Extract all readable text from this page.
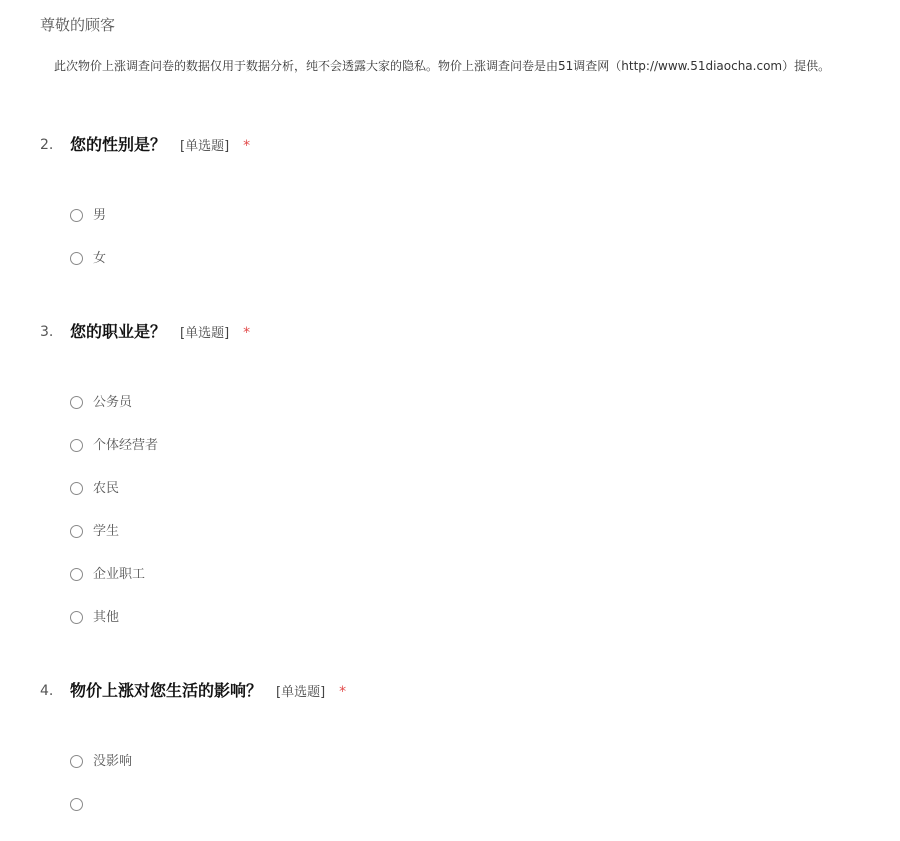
尊敬的顾客
此次物价上涨调查问卷的数据仅用于数据分析，纯不会透露大家的隐私。物价上涨调查问卷是由51调查网（http://www.51diaocha.com）提供。
2. 您的性别是？ [单选题] *
男
女
3. 您的职业是？ [单选题] *
公务员
个体经营者
农民
学生
企业职工
其他
4. 物价上涨对您生活的影响？ [单选题] *
没影响
